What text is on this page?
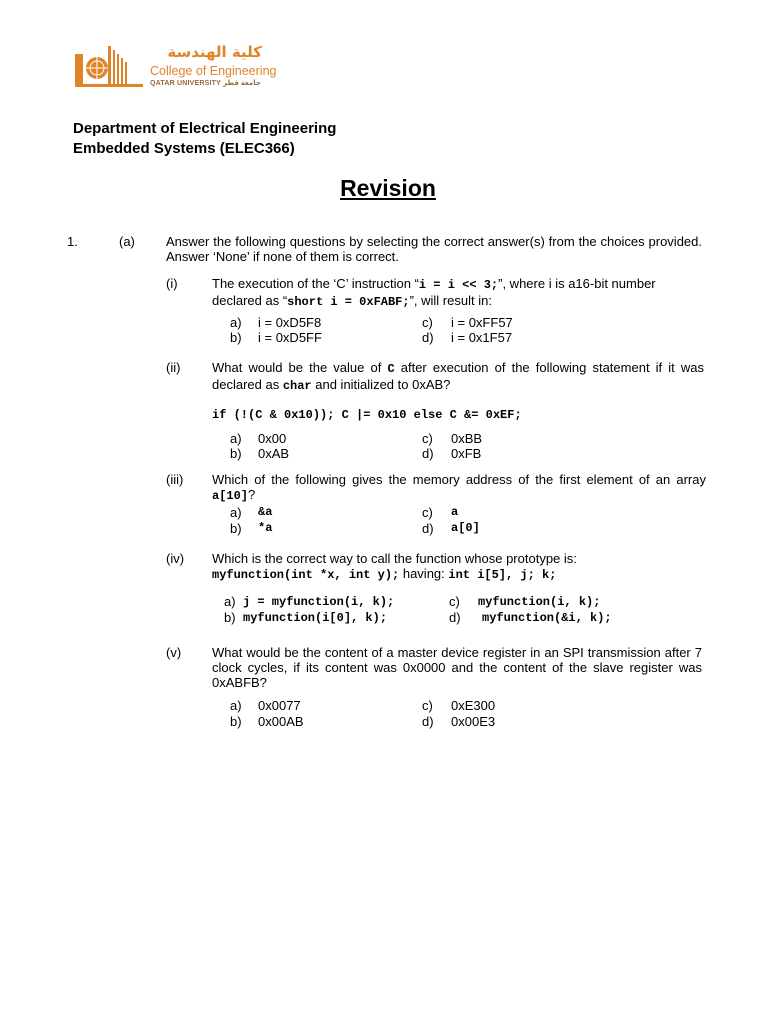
كلية الهندسة
College of Engineering
QATAR UNIVERSITY جامعة قطر
Department of Electrical Engineering
Embedded Systems (ELEC366)
Revision
1.	(a) Answer the following questions by selecting the correct answer(s) from the choices provided. Answer ‘None’ if none of them is correct.
(i)	The execution of the ‘C’ instruction “i = i << 3;”, where i is a16-bit number declared as “short i = 0xFABF;”, will result in:
a) i = 0xD5F8
b) i = 0xD5FF
c) i = 0xFF57
d) i = 0x1F57
(ii) What would be the value of C after execution of the following statement if it was declared as char and initialized to 0xAB?
if (!(C & 0x10)); C |= 0x10 else C &= 0xEF;
a) 0x00
b) 0xAB
c) 0xBB
d) 0xFB
(iii) Which of the following gives the memory address of the first element of an array a[10]?
a) &a
b) *a
c) a
d) a[0]
(iv) Which is the correct way to call the function whose prototype is:
myfunction(int *x, int y); having: int i[5], j; k;
a) j = myfunction(i, k);
b) myfunction(i[0], k);
c) myfunction(i, k);
d) myfunction(&i, k);
(v) What would be the content of a master device register in an SPI transmission after 7 clock cycles, if its content was 0x0000 and the content of the slave register was 0xABFB?
a) 0x0077
b) 0x00AB
c) 0xE300
d) 0x00E3
